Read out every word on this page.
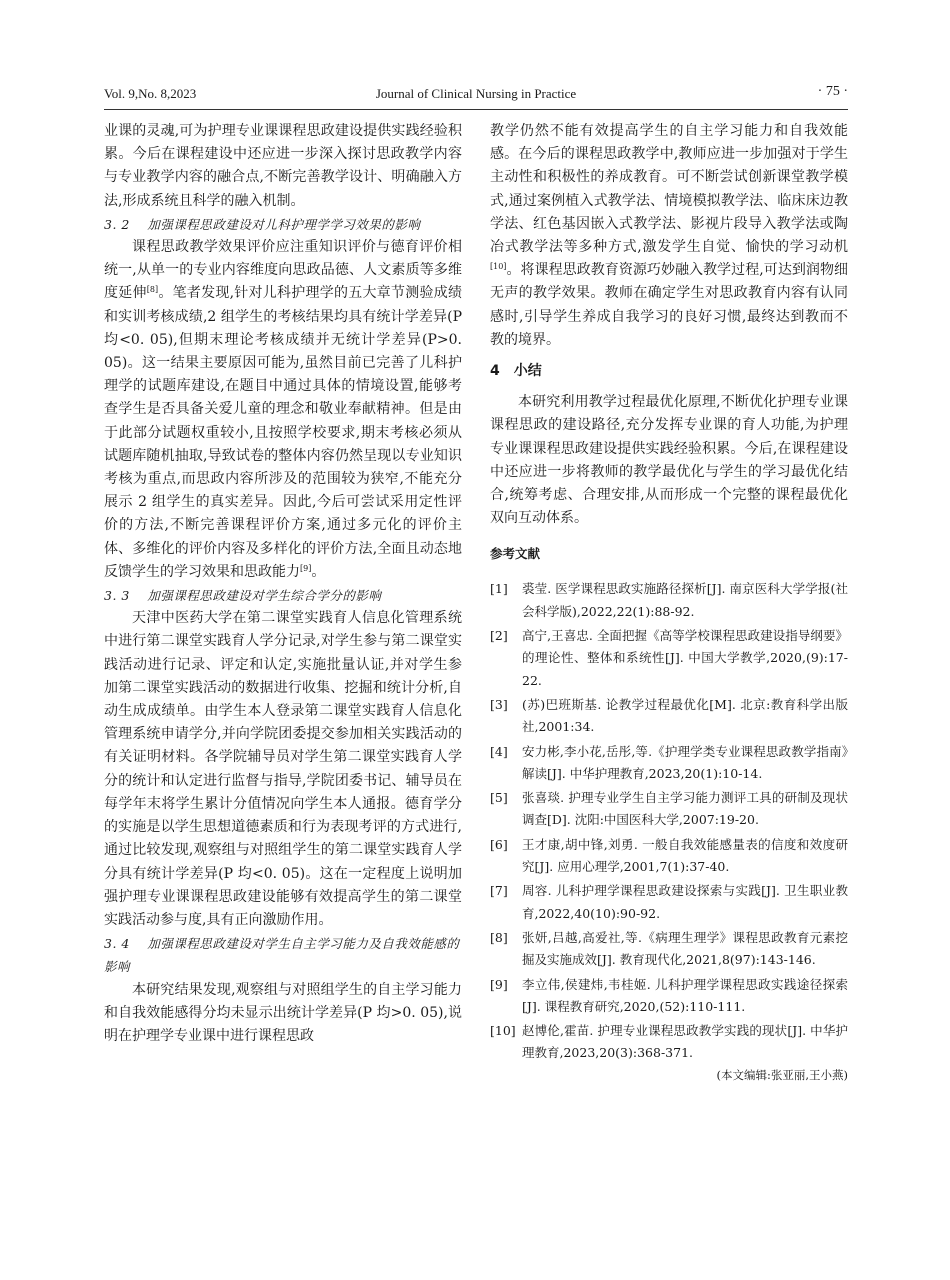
Vol. 9,No. 8,2023	Journal of Clinical Nursing in Practice	· 75 ·

业课的灵魂,可为护理专业课课程思政建设提供实践经验积累。今后在课程建设中还应进一步深入探讨思政教学内容与专业教学内容的融合点,不断完善教学设计、明确融入方法,形成系统且科学的融入机制。

3. 2　 加强课程思政建设对儿科护理学学习效果的影响

课程思政教学效果评价应注重知识评价与德育评价相统一,从单一的专业内容维度向思政品德、人文素质等多维度延伸[8]。笔者发现,针对儿科护理学的五大章节测验成绩和实训考核成绩,2 组学生的考核结果均具有统计学差异(P 均<0. 05),但期末理论考核成绩并无统计学差异(P>0. 05)。这一结果主要原因可能为,虽然目前已完善了儿科护理学的试题库建设,在题目中通过具体的情境设置,能够考查学生是否具备关爱儿童的理念和敬业奉献精神。但是由于此部分试题权重较小,且按照学校要求,期末考核必须从试题库随机抽取,导致试卷的整体内容仍然呈现以专业知识考核为重点,而思政内容所涉及的范围较为狭窄,不能充分展示 2 组学生的真实差异。因此,今后可尝试采用定性评价的方法,不断完善课程评价方案,通过多元化的评价主体、多维化的评价内容及多样化的评价方法,全面且动态地反馈学生的学习效果和思政能力[9]。

3. 3　 加强课程思政建设对学生综合学分的影响

天津中医药大学在第二课堂实践育人信息化管理系统中进行第二课堂实践育人学分记录,对学生参与第二课堂实践活动进行记录、评定和认定,实施批量认证,并对学生参加第二课堂实践活动的数据进行收集、挖掘和统计分析,自动生成成绩单。由学生本人登录第二课堂实践育人信息化管理系统申请学分,并向学院团委提交参加相关实践活动的有关证明材料。各学院辅导员对学生第二课堂实践育人学分的统计和认定进行监督与指导,学院团委书记、辅导员在每学年末将学生累计分值情况向学生本人通报。德育学分的实施是以学生思想道德素质和行为表现考评的方式进行,通过比较发现,观察组与对照组学生的第二课堂实践育人学分具有统计学差异(P 均<0. 05)。这在一定程度上说明加强护理专业课课程思政建设能够有效提高学生的第二课堂实践活动参与度,具有正向激励作用。

3. 4　 加强课程思政建设对学生自主学习能力及自我效能感的影响

本研究结果发现,观察组与对照组学生的自主学习能力和自我效能感得分均未显示出统计学差异(P 均>0. 05),说明在护理学专业课中进行课程思政

教学仍然不能有效提高学生的自主学习能力和自我效能感。在今后的课程思政教学中,教师应进一步加强对于学生主动性和积极性的养成教育。可不断尝试创新课堂教学模式,通过案例植入式教学法、情境模拟教学法、临床床边教学法、红色基因嵌入式教学法、影视片段导入教学法或陶冶式教学法等多种方式,激发学生自觉、愉快的学习动机[10]。将课程思政教育资源巧妙融入教学过程,可达到润物细无声的教学效果。教师在确定学生对思政教育内容有认同感时,引导学生养成自我学习的良好习惯,最终达到教而不教的境界。

4　小结

本研究利用教学过程最优化原理,不断优化护理专业课课程思政的建设路径,充分发挥专业课的育人功能,为护理专业课课程思政建设提供实践经验积累。今后,在课程建设中还应进一步将教师的教学最优化与学生的学习最优化结合,统筹考虑、合理安排,从而形成一个完整的课程最优化双向互动体系。

参考文献
[1]	裘莹. 医学课程思政实施路径探析[J]. 南京医科大学学报(社会科学版),2022,22(1):88-92.
[2]	高宁,王喜忠. 全面把握《高等学校课程思政建设指导纲要》的理论性、整体和系统性[J]. 中国大学教学,2020,(9):17-22.
[3]	(苏)巴班斯基. 论教学过程最优化[M]. 北京:教育科学出版社,2001:34.
[4]	安力彬,李小花,岳彤,等.《护理学类专业课程思政教学指南》解读[J]. 中华护理教育,2023,20(1):10-14.
[5]	张喜琰. 护理专业学生自主学习能力测评工具的研制及现状调查[D]. 沈阳:中国医科大学,2007:19-20.
[6]	王才康,胡中锋,刘勇. 一般自我效能感量表的信度和效度研究[J]. 应用心理学,2001,7(1):37-40.
[7]	周容. 儿科护理学课程思政建设探索与实践[J]. 卫生职业教育,2022,40(10):90-92.
[8]	张妍,吕越,高爱社,等.《病理生理学》课程思政教育元素挖掘及实施成效[J]. 教育现代化,2021,8(97):143-146.
[9]	李立伟,侯建炜,韦桂姬. 儿科护理学课程思政实践途径探索[J]. 课程教育研究,2020,(52):110-111.
[10] 赵博伦,霍苗. 护理专业课程思政教学实践的现状[J]. 中华护理教育,2023,20(3):368-371.
(本文编辑:张亚丽,王小燕)
